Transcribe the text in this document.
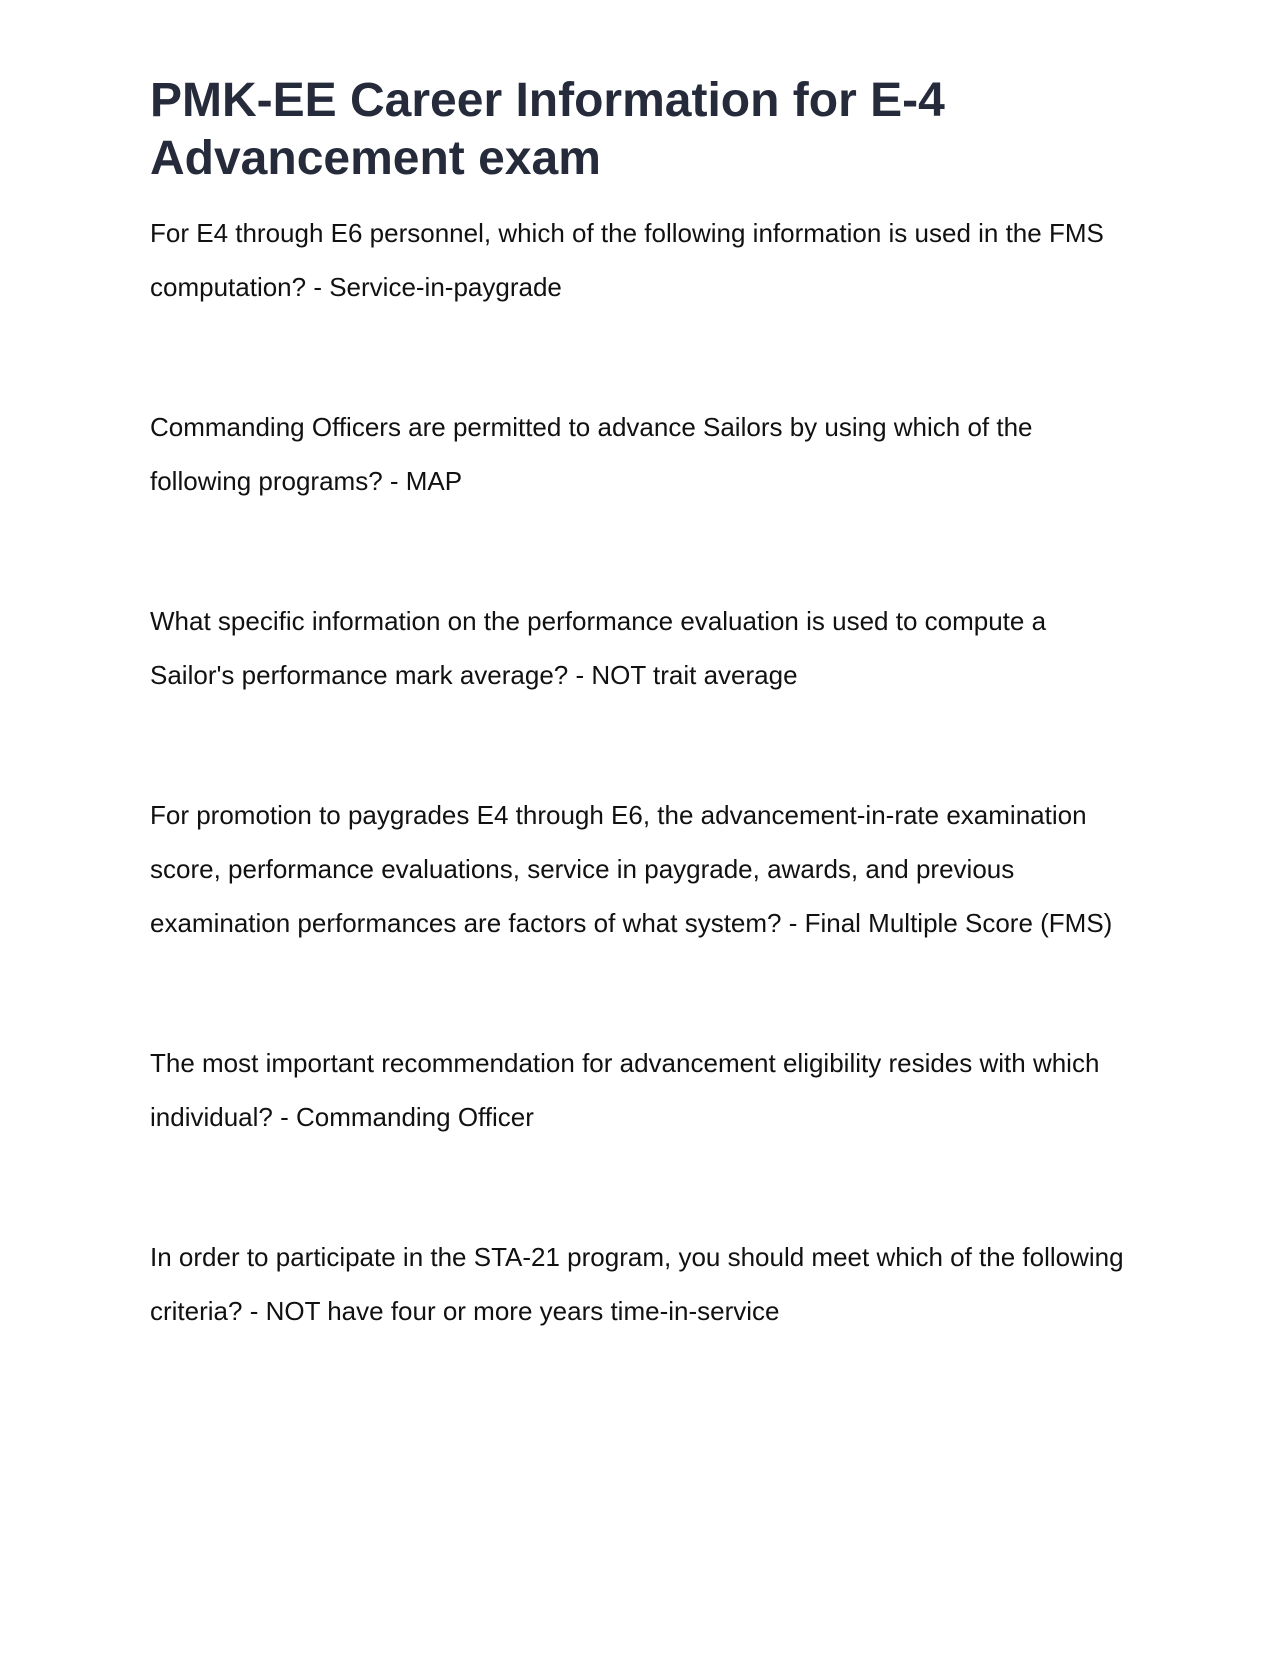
PMK-EE Career Information for E-4 Advancement exam

For E4 through E6 personnel, which of the following information is used in the FMS computation? - Service-in-paygrade

Commanding Officers are permitted to advance Sailors by using which of the following programs? - MAP

What specific information on the performance evaluation is used to compute a Sailor's performance mark average? - NOT trait average

For promotion to paygrades E4 through E6, the advancement-in-rate examination score, performance evaluations, service in paygrade, awards, and previous examination performances are factors of what system? - Final Multiple Score (FMS)

The most important recommendation for advancement eligibility resides with which individual? - Commanding Officer

In order to participate in the STA-21 program, you should meet which of the following criteria? - NOT have four or more years time-in-service
